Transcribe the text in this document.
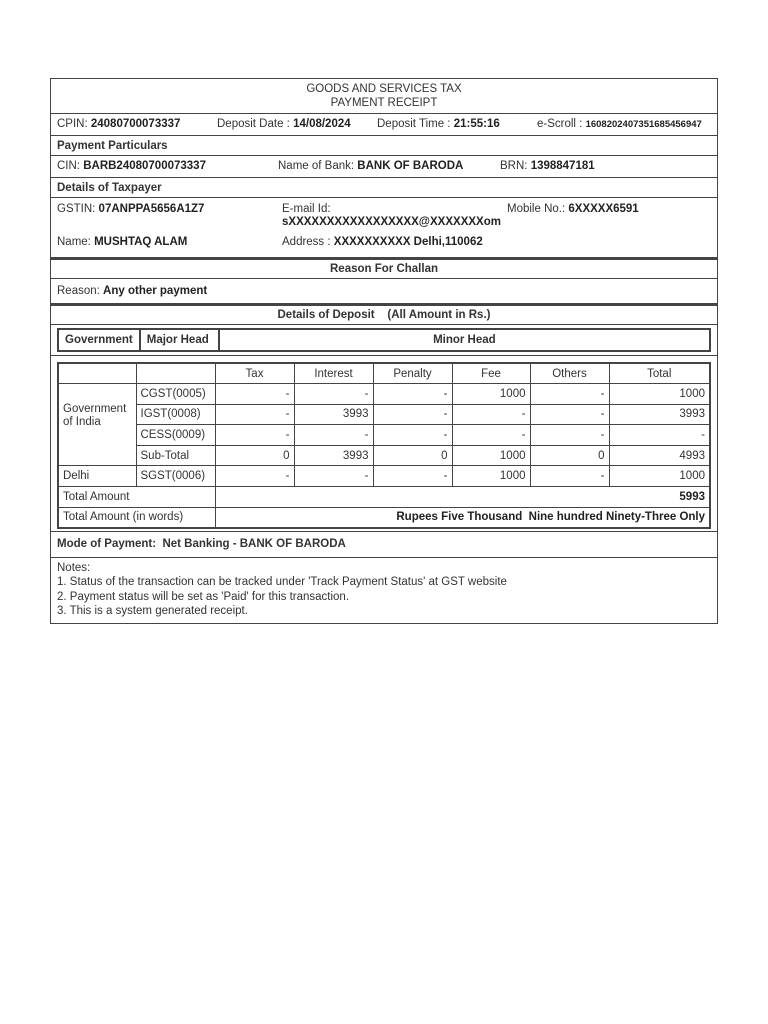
GOODS AND SERVICES TAX
PAYMENT RECEIPT
CPIN: 24080700073337	Deposit Date : 14/08/2024 Deposit Time : 21:55:16	e-Scroll : 1608202407351685456947
Payment Particulars
CIN: BARB24080700073337	Name of Bank: BANK OF BARODA	BRN: 1398847181
Details of Taxpayer
GSTIN: 07ANPPA5656A1Z7	E-mail Id:
sXXXXXXXXXXXXXXXXX@XXXXXXXom
Mobile No.: 6XXXXX6591
Name: MUSHTAQ ALAM	Address : XXXXXXXXXX Delhi,110062
Reason For Challan
Reason:
Any other payment
Details of Deposit    (All Amount in Rs.)
Government	Major Head	Minor Head
		Tax	Interest	Penalty	Fee	Others	Total
Government of India	CGST(0005)	-	-	-	1000	-	1000
	IGST(0008)	-	3993	-	-	-	3993
	CESS(0009)	-	-	-	-	-	-
	Sub-Total	0	3993	0	1000	0	4993
Delhi	SGST(0006)	-	-	-	1000	-	1000
Total Amount		5993					
Total Amount (in words)		Rupees Five Thousand  Nine hundred Ninety-Three Only					
Mode of Payment:
Net Banking - BANK OF BARODA
Notes:
1. Status of the transaction can be tracked under 'Track Payment Status' at GST website
2. Payment status will be set as 'Paid' for this transaction.
3. This is a system generated receipt.
